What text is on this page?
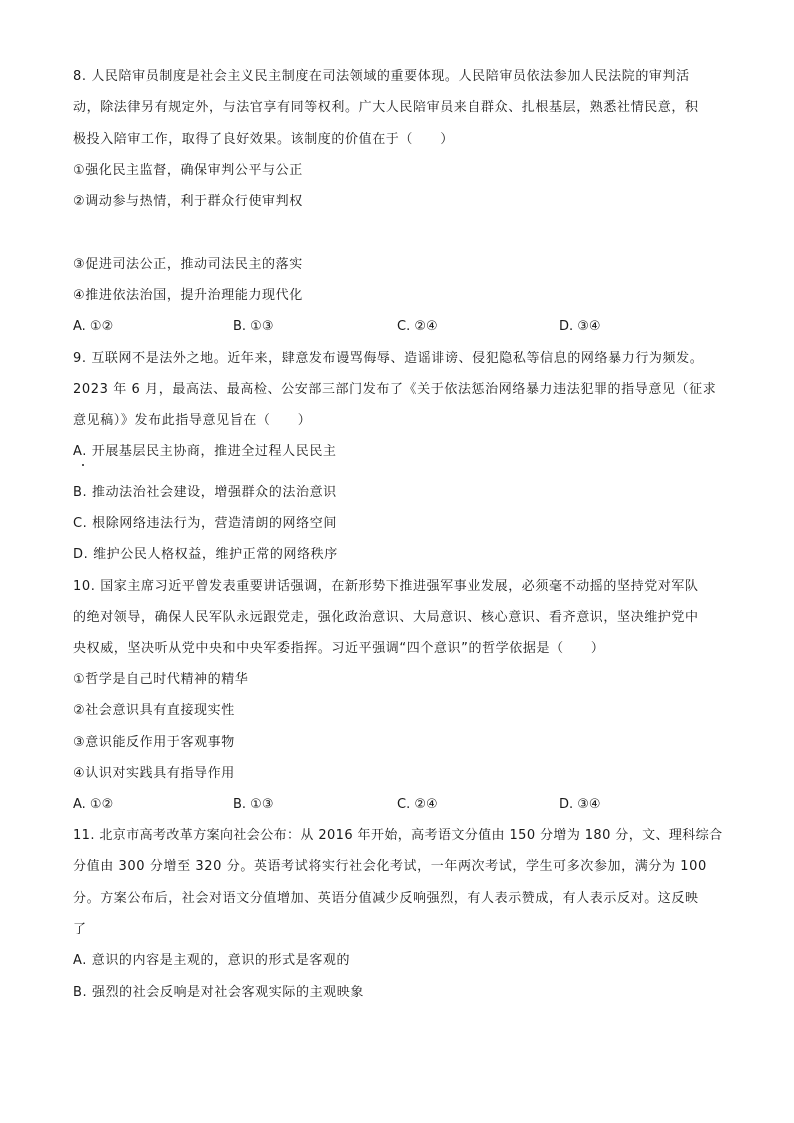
8. 人民陪审员制度是社会主义民主制度在司法领域的重要体现。人民陪审员依法参加人民法院的审判活
动，除法律另有规定外，与法官享有同等权利。广大人民陪审员来自群众、扎根基层，熟悉社情民意，积
极投入陪审工作，取得了良好效果。该制度的价值在于（　　）
①强化民主监督，确保审判公平与公正
②调动参与热情，利于群众行使审判权
③促进司法公正，推动司法民主的落实
④推进依法治国，提升治理能力现代化
A. ①②	B. ①③	C. ②④	D. ③④
9. 互联网不是法外之地。近年来，肆意发布谩骂侮辱、造谣诽谤、侵犯隐私等信息的网络暴力行为频发。
2023 年 6 月，最高法、最高检、公安部三部门发布了《关于依法惩治网络暴力违法犯罪的指导意见（征求
意见稿）》发布此指导意见旨在（　　）
A. 开展基层民主协商，推进全过程人民民主
B. 推动法治社会建设，增强群众的法治意识
C. 根除网络违法行为，营造清朗的网络空间
D. 维护公民人格权益，维护正常的网络秩序
10. 国家主席习近平曾发表重要讲话强调，在新形势下推进强军事业发展，必须毫不动摇的坚持党对军队
的绝对领导，确保人民军队永远跟党走，强化政治意识、大局意识、核心意识、看齐意识，坚决维护党中
央权威，坚决听从党中央和中央军委指挥。习近平强调“四个意识”的哲学依据是（　　）
①哲学是自己时代精神的精华
②社会意识具有直接现实性
③意识能反作用于客观事物
④认识对实践具有指导作用
A. ①②	B. ①③	C. ②④	D. ③④
11. 北京市高考改革方案向社会公布：从 2016 年开始，高考语文分值由 150 分增为 180 分，文、理科综合
分值由 300 分增至 320 分。英语考试将实行社会化考试，一年两次考试，学生可多次参加，满分为 100
分。方案公布后，社会对语文分值增加、英语分值减少反响强烈，有人表示赞成，有人表示反对。这反映
了
A. 意识的内容是主观的，意识的形式是客观的
B. 强烈的社会反响是对社会客观实际的主观映象
